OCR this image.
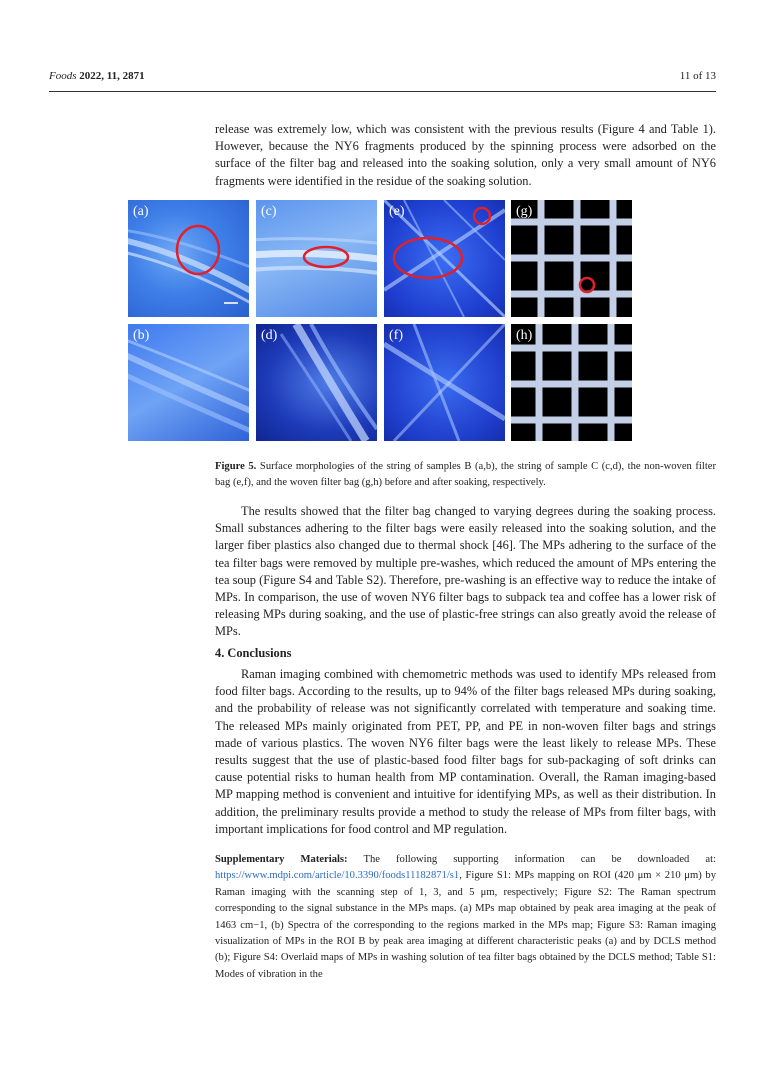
Foods 2022, 11, 2871	11 of 13

release was extremely low, which was consistent with the previous results (Figure 4 and Table 1). However, because the NY6 fragments produced by the spinning process were adsorbed on the surface of the filter bag and released into the soaking solution, only a very small amount of NY6 fragments were identified in the residue of the soaking solution.

(a)	(c)	(e)	(g)
(b)	(d)	(f)	(h)
Figure 5. Surface morphologies of the string of samples B (a,b), the string of sample C (c,d), the non-woven filter bag (e,f), and the woven filter bag (g,h) before and after soaking, respectively.

The results showed that the filter bag changed to varying degrees during the soaking process. Small substances adhering to the filter bags were easily released into the soaking solution, and the larger fiber plastics also changed due to thermal shock [46]. The MPs adhering to the surface of the tea filter bags were removed by multiple pre-washes, which reduced the amount of MPs entering the tea soup (Figure S4 and Table S2). Therefore, pre-washing is an effective way to reduce the intake of MPs. In comparison, the use of woven NY6 filter bags to subpack tea and coffee has a lower risk of releasing MPs during soaking, and the use of plastic-free strings can also greatly avoid the release of MPs.

4. Conclusions

Raman imaging combined with chemometric methods was used to identify MPs released from food filter bags. According to the results, up to 94% of the filter bags released MPs during soaking, and the probability of release was not significantly correlated with temperature and soaking time. The released MPs mainly originated from PET, PP, and PE in non-woven filter bags and strings made of various plastics. The woven NY6 filter bags were the least likely to release MPs. These results suggest that the use of plastic-based food filter bags for sub-packaging of soft drinks can cause potential risks to human health from MP contamination. Overall, the Raman imaging-based MP mapping method is convenient and intuitive for identifying MPs, as well as their distribution. In addition, the preliminary results provide a method to study the release of MPs from filter bags, with important implications for food control and MP regulation.

Supplementary Materials: The following supporting information can be downloaded at: https://www.mdpi.com/article/10.3390/foods11182871/s1, Figure S1: MPs mapping on ROI (420 μm × 210 μm) by Raman imaging with the scanning step of 1, 3, and 5 μm, respectively; Figure S2: The Raman spectrum corresponding to the signal substance in the MPs maps. (a) MPs map obtained by peak area imaging at the peak of 1463 cm−1, (b) Spectra of the corresponding to the regions marked in the MPs map; Figure S3: Raman imaging visualization of MPs in the ROI B by peak area imaging at different characteristic peaks (a) and by DCLS method (b); Figure S4: Overlaid maps of MPs in washing solution of tea filter bags obtained by the DCLS method; Table S1: Modes of vibration in the
